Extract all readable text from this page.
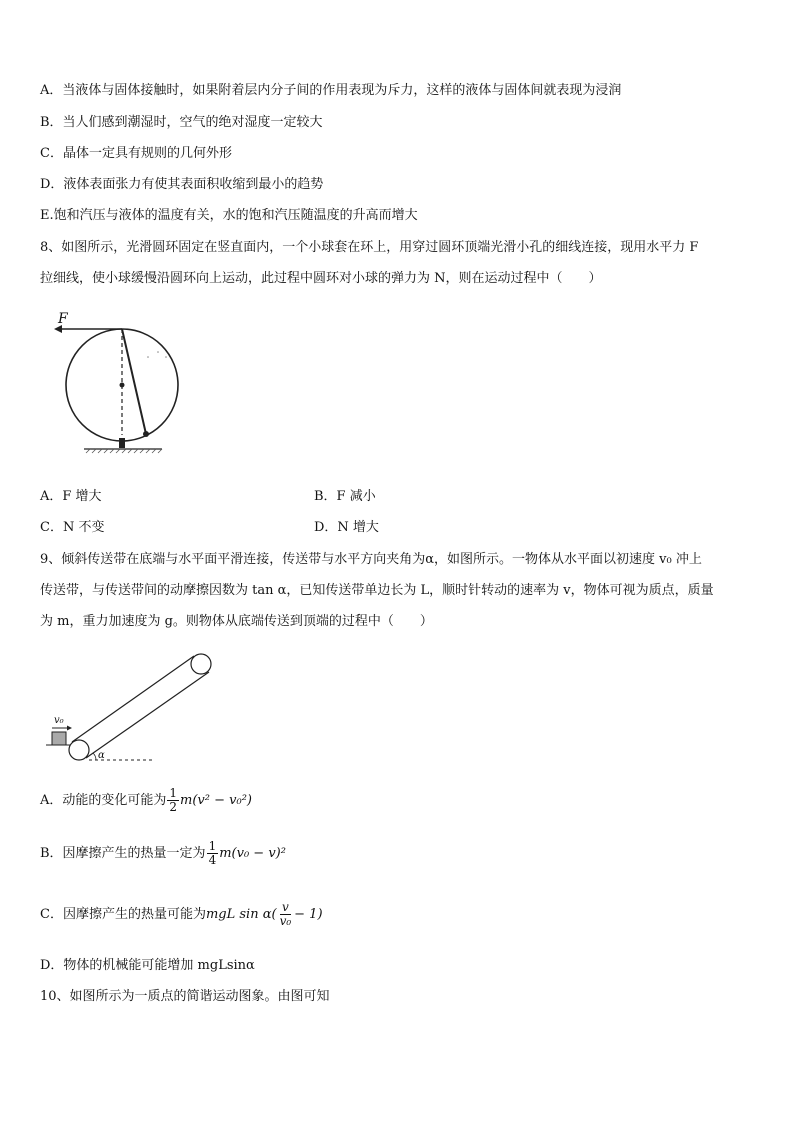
A．当液体与固体接触时，如果附着层内分子间的作用表现为斥力，这样的液体与固体间就表现为浸润
B．当人们感到潮湿时，空气的绝对湿度一定较大
C．晶体一定具有规则的几何外形
D．液体表面张力有使其表面积收缩到最小的趋势
E.饱和汽压与液体的温度有关，水的饱和汽压随温度的升高而增大
8、如图所示，光滑圆环固定在竖直面内，一个小球套在环上，用穿过圆环顶端光滑小孔的细线连接，现用水平力 F
拉细线，使小球缓慢沿圆环向上运动，此过程中圆环对小球的弹力为 N，则在运动过程中（　　）
F
A．F 增大	B．F 减小
C．N 不变	D．N 增大
9、倾斜传送带在底端与水平面平滑连接，传送带与水平方向夹角为α，如图所示。一物体从水平面以初速度 v₀ 冲上
传送带，与传送带间的动摩擦因数为 tan α，已知传送带单边长为 L，顺时针转动的速率为 v，物体可视为质点，质量
为 m，重力加速度为 g。则物体从底端传送到顶端的过程中（　　）
v₀
α
A．动能的变化可能为 $\frac{1}{2} m(v^2 - v_0^2)$
B．因摩擦产生的热量一定为 $\frac{1}{4} m(v_0 - v)^2$
C．因摩擦产生的热量可能为mgL $\sin \alpha( \frac{v}{\text{v₀}} - 1)$
D．物体的机械能可能增加 mgLsinα
10、如图所示为一质点的简谐运动图象。由图可知
